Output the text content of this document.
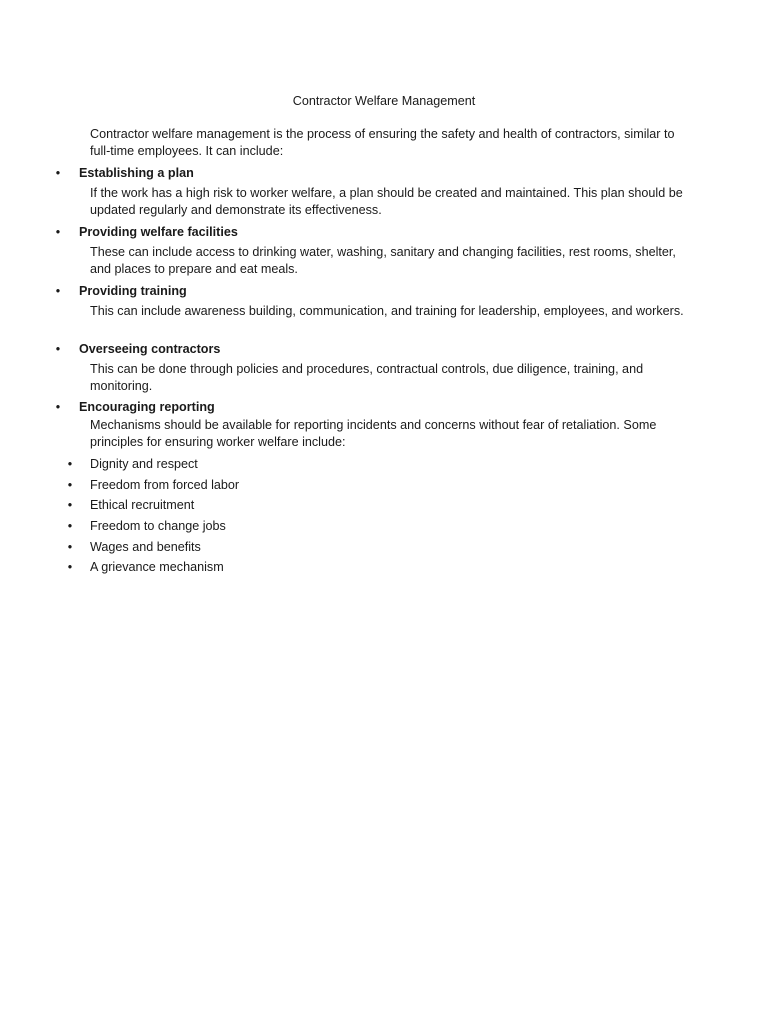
Contractor Welfare Management
Contractor welfare management is the process of ensuring the safety and health of contractors, similar to full-time employees. It can include:
• Establishing a plan
If the work has a high risk to worker welfare, a plan should be created and maintained. This plan should be updated regularly and demonstrate its effectiveness.
• Providing welfare facilities
These can include access to drinking water, washing, sanitary and changing facilities, rest rooms, shelter, and places to prepare and eat meals.
• Providing training
This can include awareness building, communication, and training for leadership, employees, and workers.
• Overseeing contractors
This can be done through policies and procedures, contractual controls, due diligence, training, and monitoring.
• Encouraging reporting
Mechanisms should be available for reporting incidents and concerns without fear of retaliation. Some principles for ensuring worker welfare include:
• Dignity and respect
• Freedom from forced labor
• Ethical recruitment
• Freedom to change jobs
• Wages and benefits
• A grievance mechanism
